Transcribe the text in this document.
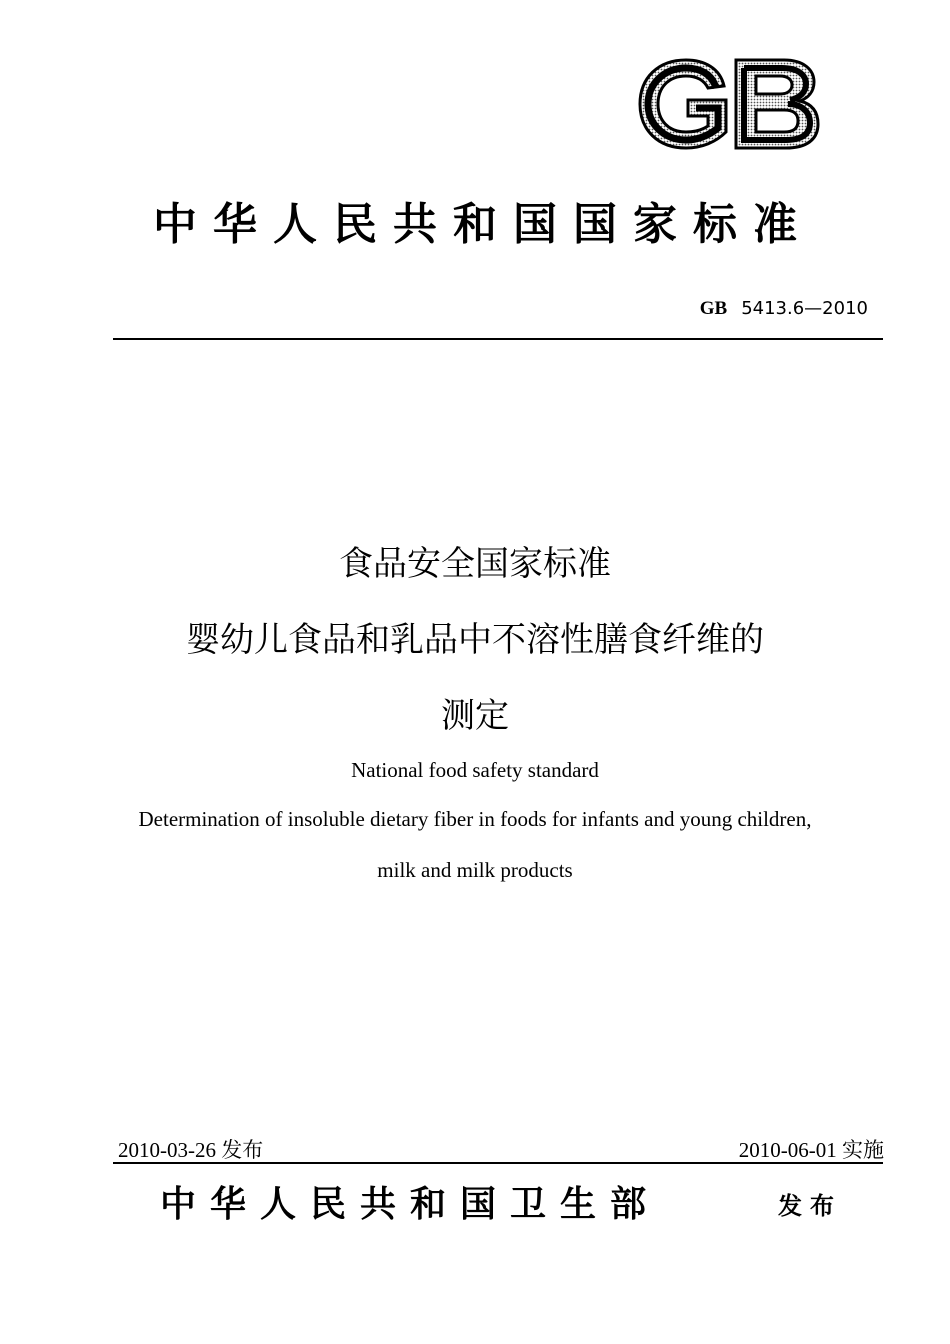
中华人民共和国国家标准
GB 5413.6—2010
食品安全国家标准
婴幼儿食品和乳品中不溶性膳食纤维的
测定
National food safety standard
Determination of insoluble dietary fiber in foods for infants and young children,
milk and milk products
2010-03-26 发布	2010-06-01 实施
中华人民共和国卫生部	发布
